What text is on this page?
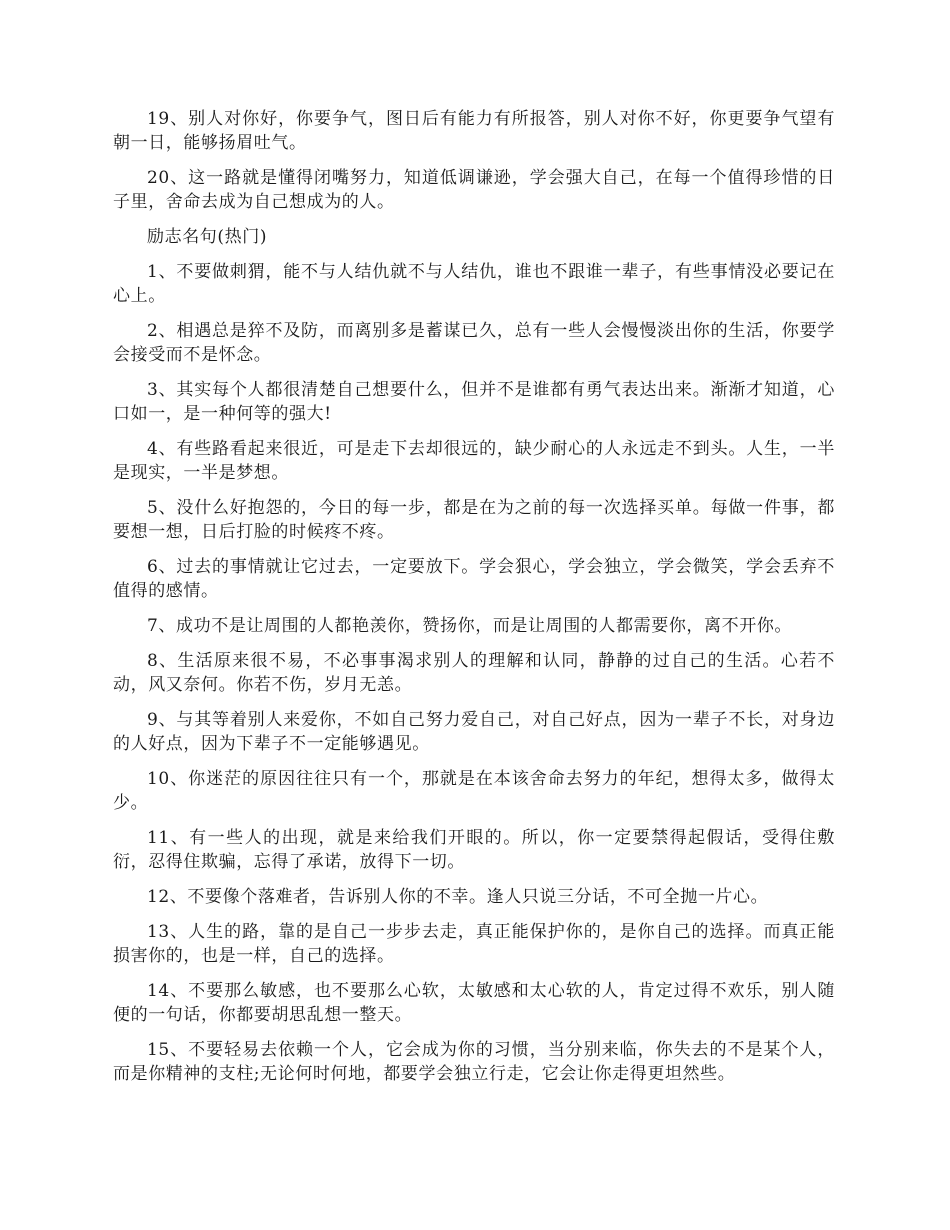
19、别人对你好，你要争气，图日后有能力有所报答，别人对你不好，你更要争气望有朝一日，能够扬眉吐气。

20、这一路就是懂得闭嘴努力，知道低调谦逊，学会强大自己，在每一个值得珍惜的日子里，舍命去成为自己想成为的人。

励志名句(热门)

1、不要做刺猬，能不与人结仇就不与人结仇，谁也不跟谁一辈子，有些事情没必要记在心上。

2、相遇总是猝不及防，而离别多是蓄谋已久，总有一些人会慢慢淡出你的生活，你要学会接受而不是怀念。

3、其实每个人都很清楚自己想要什么，但并不是谁都有勇气表达出来。渐渐才知道，心口如一，是一种何等的强大!

4、有些路看起来很近，可是走下去却很远的，缺少耐心的人永远走不到头。人生，一半是现实，一半是梦想。

5、没什么好抱怨的，今日的每一步，都是在为之前的每一次选择买单。每做一件事，都要想一想，日后打脸的时候疼不疼。

6、过去的事情就让它过去，一定要放下。学会狠心，学会独立，学会微笑，学会丢弃不值得的感情。

7、成功不是让周围的人都艳羡你，赞扬你，而是让周围的人都需要你，离不开你。

8、生活原来很不易，不必事事渴求别人的理解和认同，静静的过自己的生活。心若不动，风又奈何。你若不伤，岁月无恙。

9、与其等着别人来爱你，不如自己努力爱自己，对自己好点，因为一辈子不长，对身边的人好点，因为下辈子不一定能够遇见。

10、你迷茫的原因往往只有一个，那就是在本该舍命去努力的年纪，想得太多，做得太少。

11、有一些人的出现，就是来给我们开眼的。所以，你一定要禁得起假话，受得住敷衍，忍得住欺骗，忘得了承诺，放得下一切。

12、不要像个落难者，告诉别人你的不幸。逢人只说三分话，不可全抛一片心。

13、人生的路，靠的是自己一步步去走，真正能保护你的，是你自己的选择。而真正能损害你的，也是一样，自己的选择。

14、不要那么敏感，也不要那么心软，太敏感和太心软的人，肯定过得不欢乐，别人随便的一句话，你都要胡思乱想一整天。

15、不要轻易去依赖一个人，它会成为你的习惯，当分别来临，你失去的不是某个人，而是你精神的支柱;无论何时何地，都要学会独立行走，它会让你走得更坦然些。
